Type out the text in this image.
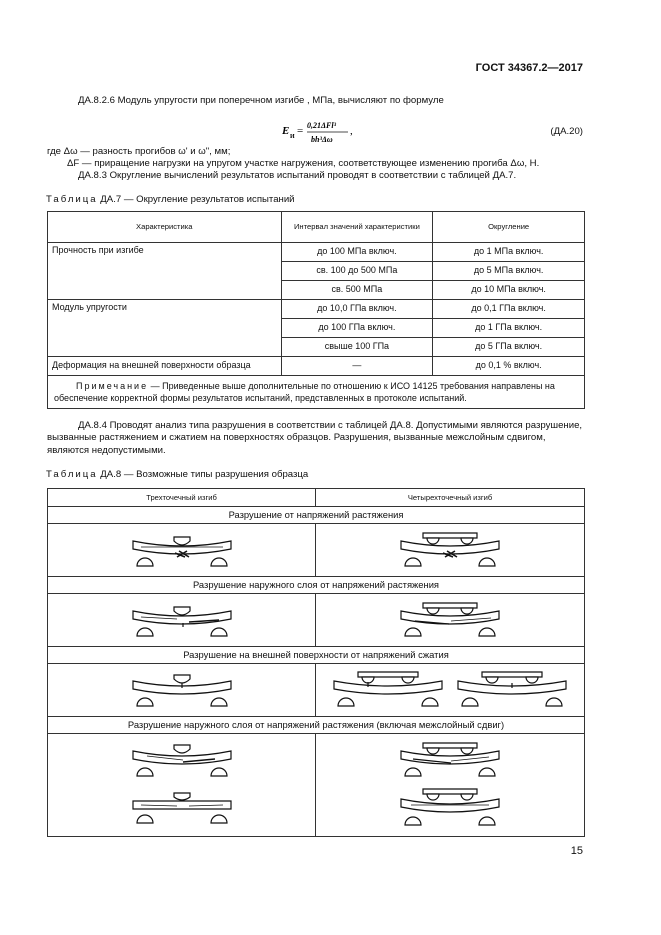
ГОСТ 34367.2—2017
ДА.8.2.6 Модуль упругости при поперечном изгибе , МПа, вычисляют по формуле
E И = 0,21ΔFl³
bh³Δω
,	(ДА.20)
где Δω — разность прогибов ω' и ω", мм;
ΔF — приращение нагрузки на упругом участке нагружения, соответствующее изменению прогиба Δω, Н.
ДА.8.3 Округление вычислений результатов испытаний проводят в соответствии с таблицей ДА.7.
Таблица ДА.7 — Округление результатов испытаний
Характеристика	Интервал значений характеристики	Округление
Прочность при изгибе	до 100 МПа включ.	до 1 МПа включ.
	св. 100 до 500 МПа	до 5 МПа включ.
	св. 500 МПа	до 10 МПа включ.
Модуль упругости	до 10,0 ГПа включ.	до 0,1 ГПа включ.
	до 100 ГПа включ.	до 1 ГПа включ.
	свыше 100 ГПа	до 5 ГПа включ.
Деформация на внешней поверхности образца	—	до 0,1 % включ.
Примечание — Приведенные выше дополнительные по отношению к ИСО 14125 требования направлены на обеспечение корректной формы результатов испытаний, представленных в протоколе испытаний.		
ДА.8.4 Проводят анализ типа разрушения в соответствии с таблицей ДА.8. Допустимыми являются разрушение, вызванные растяжением и сжатием на поверхностях образцов. Разрушения, вызванные межслойным сдвигом, являются недопустимыми.
Таблица ДА.8 — Возможные типы разрушения образца
Трехточечный изгиб	Четырехточечный изгиб
Разрушение от напряжений растяжения	

Разрушение наружного слоя от напряжений растяжения	

Разрушение на внешней поверхности от напряжений сжатия	

Разрушение наружного слоя от напряжений растяжения (включая межслойный сдвиг)	

15
